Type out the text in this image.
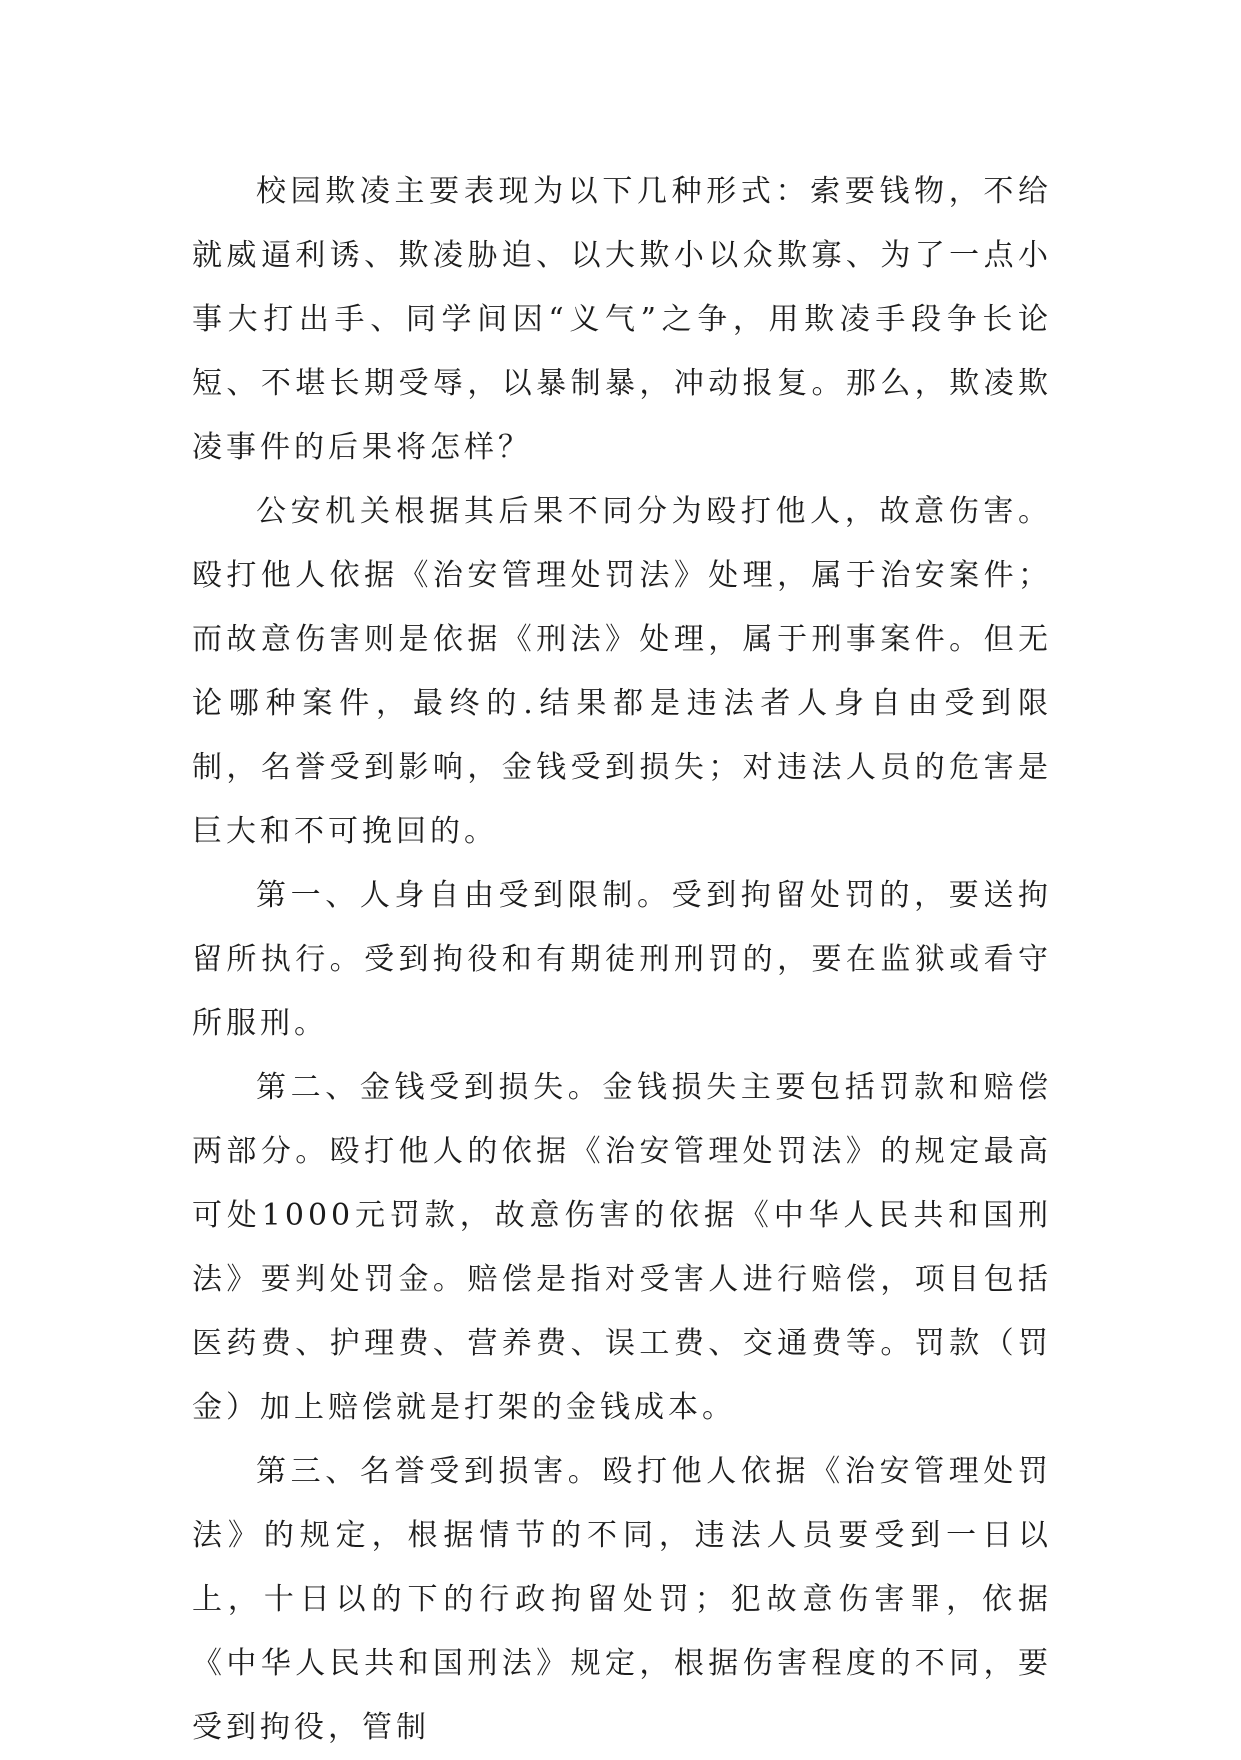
校园欺凌主要表现为以下几种形式：索要钱物，不给就威逼利诱、欺凌胁迫、以大欺小以众欺寡、为了一点小事大打出手、同学间因“义气”之争，用欺凌手段争长论短、不堪长期受辱，以暴制暴，冲动报复。那么，欺凌欺凌事件的后果将怎样？

公安机关根据其后果不同分为殴打他人，故意伤害。殴打他人依据《治安管理处罚法》处理，属于治安案件；而故意伤害则是依据《刑法》处理，属于刑事案件。但无论哪种案件，最终的.结果都是违法者人身自由受到限制，名誉受到影响，金钱受到损失；对违法人员的危害是巨大和不可挽回的。

第一、人身自由受到限制。受到拘留处罚的，要送拘留所执行。受到拘役和有期徒刑刑罚的，要在监狱或看守所服刑。

第二、金钱受到损失。金钱损失主要包括罚款和赔偿两部分。殴打他人的依据《治安管理处罚法》的规定最高可处1000元罚款，故意伤害的依据《中华人民共和国刑法》要判处罚金。赔偿是指对受害人进行赔偿，项目包括医药费、护理费、营养费、误工费、交通费等。罚款（罚金）加上赔偿就是打架的金钱成本。

第三、名誉受到损害。殴打他人依据《治安管理处罚法》的规定，根据情节的不同，违法人员要受到一日以上，十日以的下的行政拘留处罚；犯故意伤害罪，依据《中华人民共和国刑法》规定，根据伤害程度的不同，要受到拘役，管制
